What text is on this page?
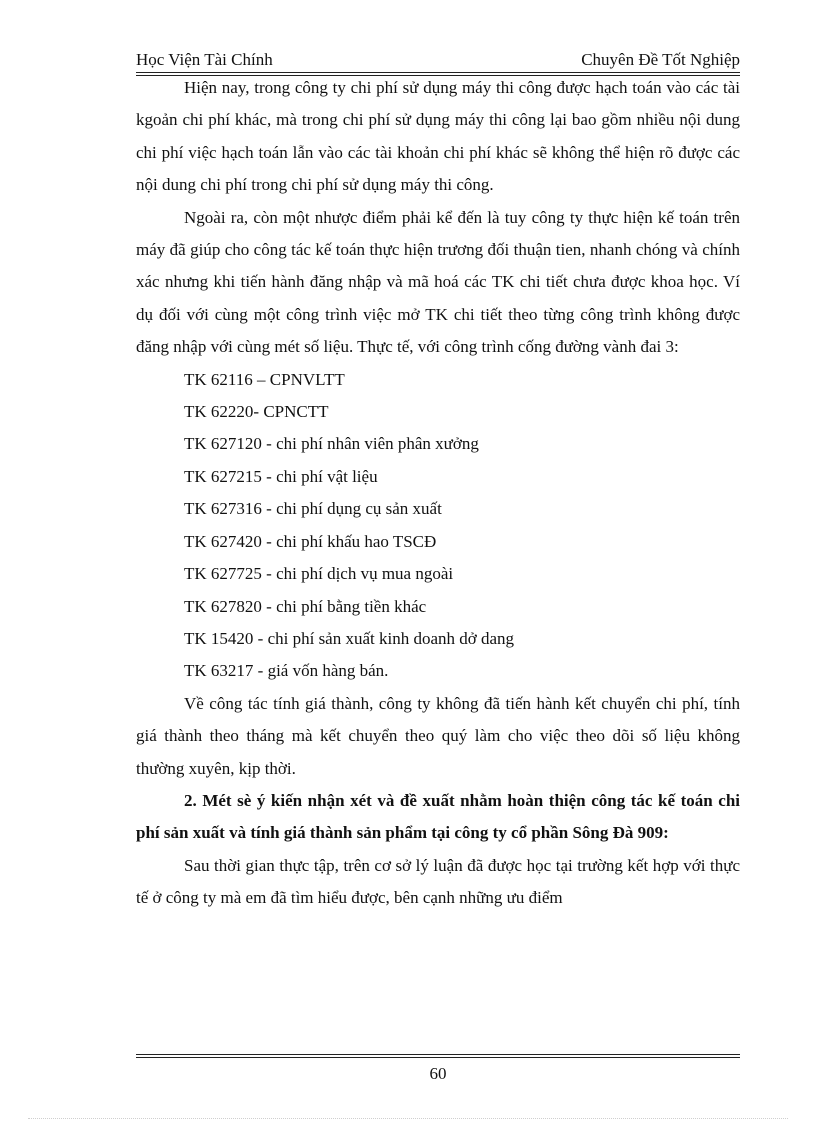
Học Viện Tài Chính	Chuyên Đề Tốt Nghiệp

Hiện nay, trong công ty chi phí sử dụng máy thi công được hạch toán vào các tài kgoản chi phí khác, mà trong chi phí sử dụng máy thi công lại bao gồm nhiều nội dung chi phí việc hạch toán lẫn vào các tài khoản chi phí khác sẽ không thể hiện rõ được các nội dung chi phí trong chi phí sử dụng máy thi công.

Ngoài ra, còn một nhược điểm phải kể đến là tuy công ty thực hiện kế toán trên máy đã giúp cho công tác kế toán thực hiện trương đối thuận tien, nhanh chóng và chính xác nhưng khi tiến hành đăng nhập và mã hoá các TK chi tiết chưa được khoa học. Ví dụ đối với cùng một công trình việc mở TK chi tiết theo từng công trình không được đăng nhập với cùng mét số liệu. Thực tế, với công trình cống đường vành đai 3:

TK 62116 – CPNVLTT

TK 62220- CPNCTT

TK 627120 - chi phí nhân viên phân xưởng

TK 627215 - chi phí vật liệu

TK 627316 - chi phí dụng cụ sản xuất

TK 627420 - chi phí khấu hao TSCĐ

TK 627725 - chi phí dịch vụ mua ngoài

TK 627820 - chi phí bằng tiền khác

TK 15420 - chi phí sản xuất kinh doanh dở dang

TK 63217 - giá vốn hàng bán.

Về công tác tính giá thành, công ty không đã tiến hành kết chuyển chi phí, tính giá thành theo tháng mà kết chuyển theo quý làm cho việc theo dõi số liệu không thường xuyên, kịp thời.

2. Mét sè ý kiến nhận xét và đề xuất nhằm hoàn thiện công tác kế toán chi phí sản xuất và tính giá thành sản phẩm tại công ty cổ phần Sông Đà 909:

Sau thời gian thực tập, trên cơ sở lý luận đã được học tại trường kết hợp với thực tế ở công ty mà em đã tìm hiểu được, bên cạnh những ưu điểm

60
